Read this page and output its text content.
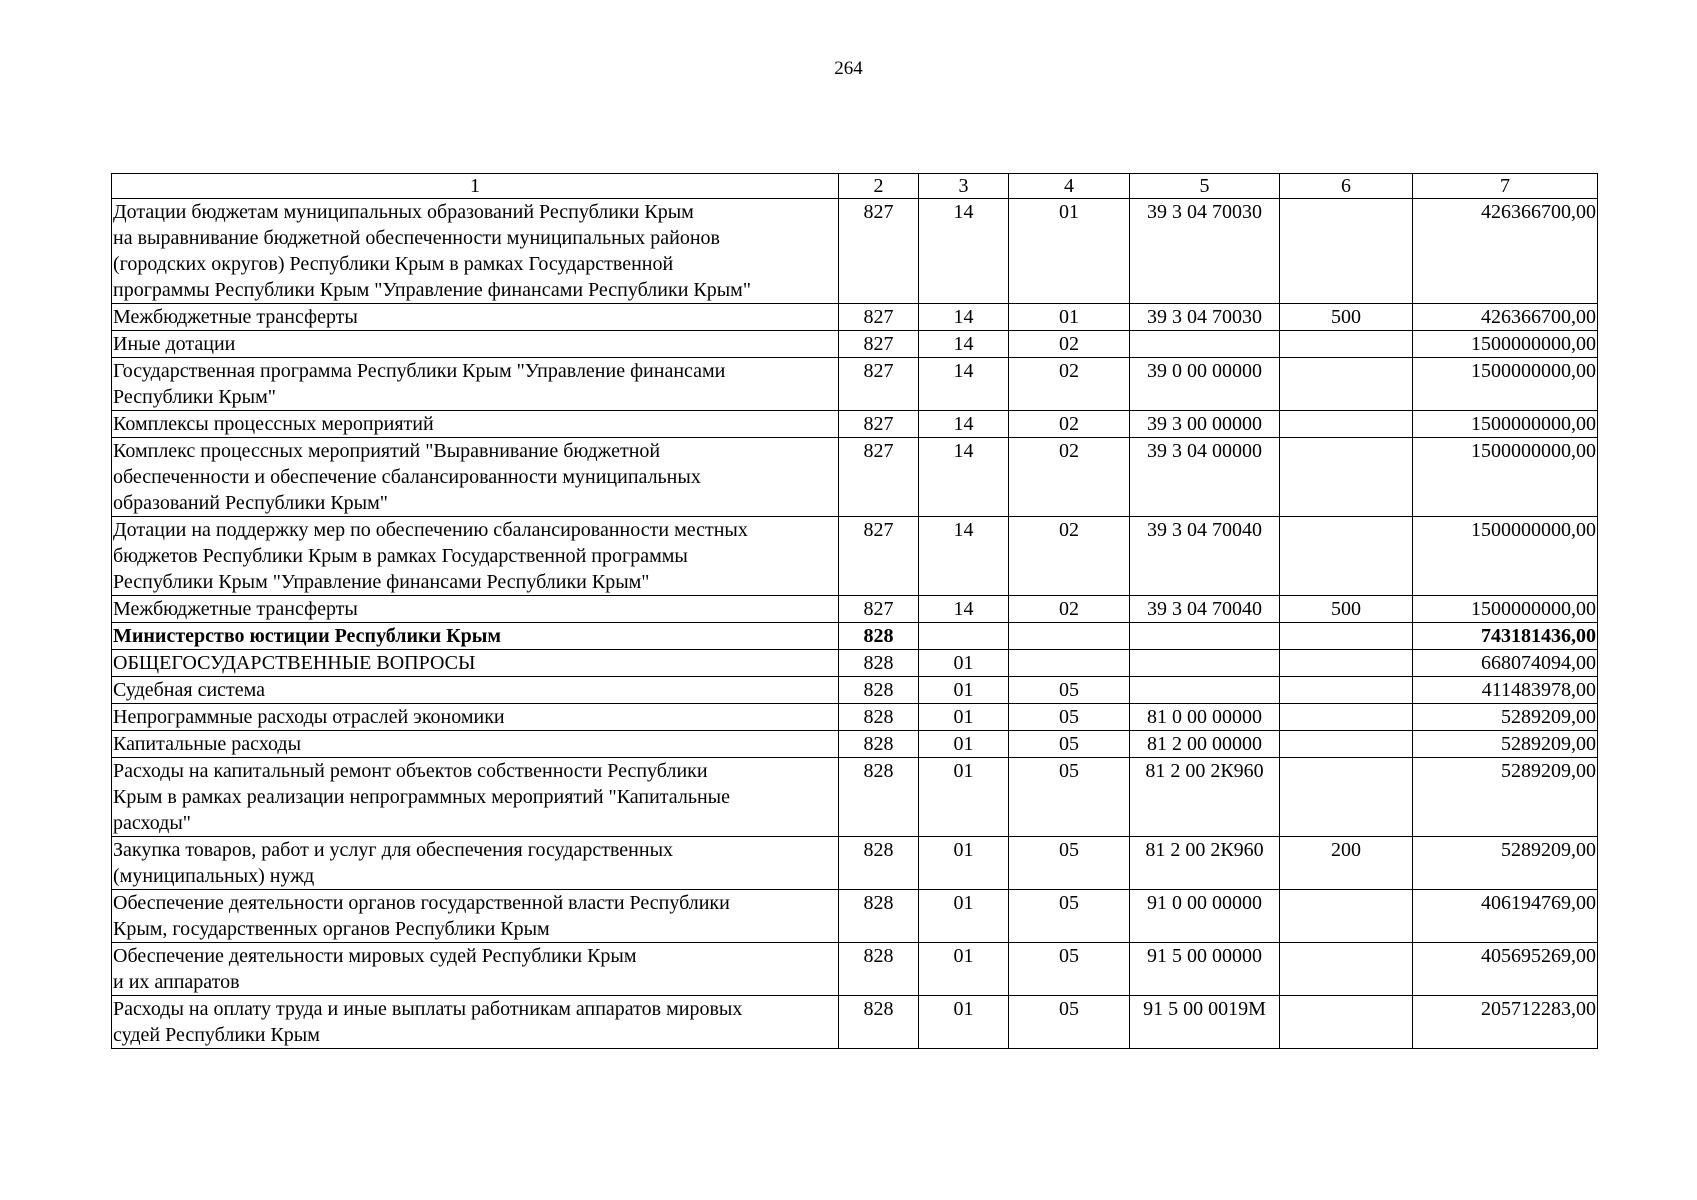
264
1	2	3	4	5	6	7

Дотации бюджетам муниципальных образований Республики Крым
на выравнивание бюджетной обеспеченности муниципальных районов
(городских округов) Республики Крым в рамках Государственной
программы Республики Крым "Управление финансами Республики Крым"	827	14	01	39 3 04 70030		426366700,00

Межбюджетные трансферты	827	14	01	39 3 04 70030	500	426366700,00

Иные дотации	827	14	02			1500000000,00

Государственная программа Республики Крым "Управление финансами
Республики Крым"	827	14	02	39 0 00 00000		1500000000,00

Комплексы процессных мероприятий	827	14	02	39 3 00 00000		1500000000,00

Комплекс процессных мероприятий "Выравнивание бюджетной
обеспеченности и обеспечение сбалансированности муниципальных
образований Республики Крым"	827	14	02	39 3 04 00000		1500000000,00

Дотации на поддержку мер по обеспечению сбалансированности местных
бюджетов Республики Крым в рамках Государственной программы
Республики Крым "Управление финансами Республики Крым"	827	14	02	39 3 04 70040		1500000000,00

Межбюджетные трансферты	827	14	02	39 3 04 70040	500	1500000000,00

Министерство юстиции Республики Крым	828					743181436,00

ОБЩЕГОСУДАРСТВЕННЫЕ ВОПРОСЫ	828	01				668074094,00

Судебная система	828	01	05			411483978,00

Непрограммные расходы отраслей экономики	828	01	05	81 0 00 00000		5289209,00

Капитальные расходы	828	01	05	81 2 00 00000		5289209,00

Расходы на капитальный ремонт объектов собственности Республики
Крым в рамках реализации непрограммных мероприятий "Капитальные
расходы"	828	01	05	81 2 00 2К960		5289209,00

Закупка товаров, работ и услуг для обеспечения государственных
(муниципальных) нужд	828	01	05	81 2 00 2К960	200	5289209,00

Обеспечение деятельности органов государственной власти Республики
Крым, государственных органов Республики Крым	828	01	05	91 0 00 00000		406194769,00

Обеспечение деятельности мировых судей Республики Крым
и их аппаратов	828	01	05	91 5 00 00000		405695269,00

Расходы на оплату труда и иные выплаты работникам аппаратов мировых
судей Республики Крым	828	01	05	91 5 00 0019М		205712283,00
